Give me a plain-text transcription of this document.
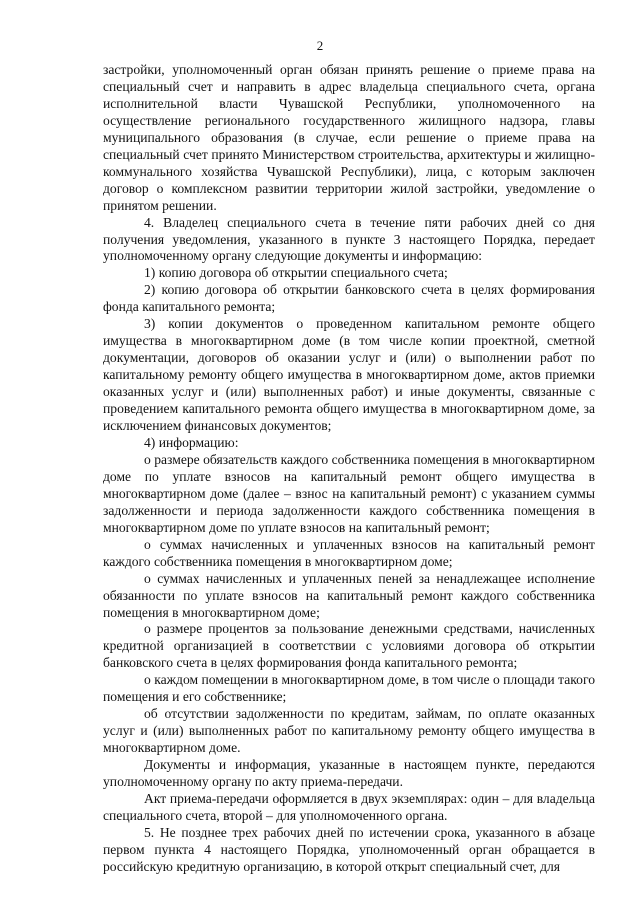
2

застройки, уполномоченный орган обязан принять решение о приеме права на специальный счет и направить в адрес владельца специального счета, органа исполнительной власти Чувашской Республики, уполномоченного на осуществление регионального государственного жилищного надзора, главы муниципального образования (в случае, если решение о приеме права на специальный счет принято Министерством строительства, архитектуры и жилищно-коммунального хозяйства Чувашской Республики), лица, с которым заключен договор о комплексном развитии территории жилой застройки, уведомление о принятом решении.

4. Владелец специального счета в течение пяти рабочих дней со дня получения уведомления, указанного в пункте 3 настоящего Порядка, передает уполномоченному органу следующие документы и информацию:

1) копию договора об открытии специального счета;

2) копию договора об открытии банковского счета в целях формирования фонда капитального ремонта;

3) копии документов о проведенном капитальном ремонте общего имущества в многоквартирном доме (в том числе копии проектной, сметной документации, договоров об оказании услуг и (или) о выполнении работ по капитальному ремонту общего имущества в многоквартирном доме, актов приемки оказанных услуг и (или) выполненных работ) и иные документы, связанные с проведением капитального ремонта общего имущества в многоквартирном доме, за исключением финансовых документов;

4) информацию:

о размере обязательств каждого собственника помещения в многоквартирном доме по уплате взносов на капитальный ремонт общего имущества в многоквартирном доме (далее – взнос на капитальный ремонт) с указанием суммы задолженности и периода задолженности каждого собственника помещения в многоквартирном доме по уплате взносов на капитальный ремонт;

о суммах начисленных и уплаченных взносов на капитальный ремонт каждого собственника помещения в многоквартирном доме;

о суммах начисленных и уплаченных пеней за ненадлежащее исполнение обязанности по уплате взносов на капитальный ремонт каждого собственника помещения в многоквартирном доме;

о размере процентов за пользование денежными средствами, начисленных кредитной организацией в соответствии с условиями договора об открытии банковского счета в целях формирования фонда капитального ремонта;

о каждом помещении в многоквартирном доме, в том числе о площади такого помещения и его собственнике;

об отсутствии задолженности по кредитам, займам, по оплате оказанных услуг и (или) выполненных работ по капитальному ремонту общего имущества в многоквартирном доме.

Документы и информация, указанные в настоящем пункте, передаются уполномоченному органу по акту приема-передачи.

Акт приема-передачи оформляется в двух экземплярах: один – для владельца специального счета, второй – для уполномоченного органа.

5. Не позднее трех рабочих дней по истечении срока, указанного в абзаце первом пункта 4 настоящего Порядка, уполномоченный орган обращается в российскую кредитную организацию, в которой открыт специальный счет, для
